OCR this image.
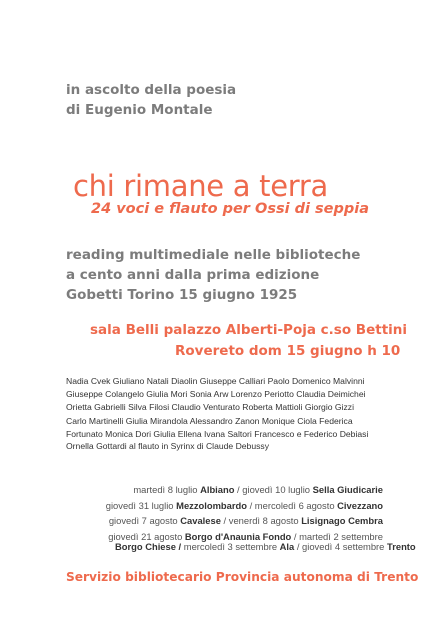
in ascolto della poesia
di Eugenio Montale
chi rimane a terra
24 voci e flauto per Ossi di seppia
reading multimediale nelle biblioteche
a cento anni dalla prima edizione
Gobetti Torino 15 giugno 1925
sala Belli palazzo Alberti-Poja c.so Bettini
Rovereto dom 15 giugno h 10
Nadia Cvek Giuliano Natali Diaolin Giuseppe Calliari Paolo Domenico Malvinni
Giuseppe Colangelo Giulia Mori Sonia Arw Lorenzo Periotto Claudia Deimichei
Orietta Gabrielli Silva Filosi Claudio Venturato Roberta Mattioli Giorgio Gizzi
Carlo Martinelli Giulia Mirandola Alessandro Zanon Monique Ciola Federica
Fortunato Monica Dori Giulia Ellena Ivana Saltori Francesco e Federico Debiasi
Ornella Gottardi al flauto in Syrinx di Claude Debussy
martedì 8 luglio Albiano / giovedì 10 luglio Sella Giudicarie
giovedì 31 luglio Mezzolombardo / mercoledì 6 agosto Civezzano
giovedì 7 agosto Cavalese / venerdì 8 agosto Lisignago Cembra
giovedì 21 agosto Borgo d'Anaunia Fondo / martedì 2 settembre
Borgo Chiese / mercoledì 3 settembre Ala / giovedì 4 settembre Trento
Servizio bibliotecario Provincia autonoma di Trento
